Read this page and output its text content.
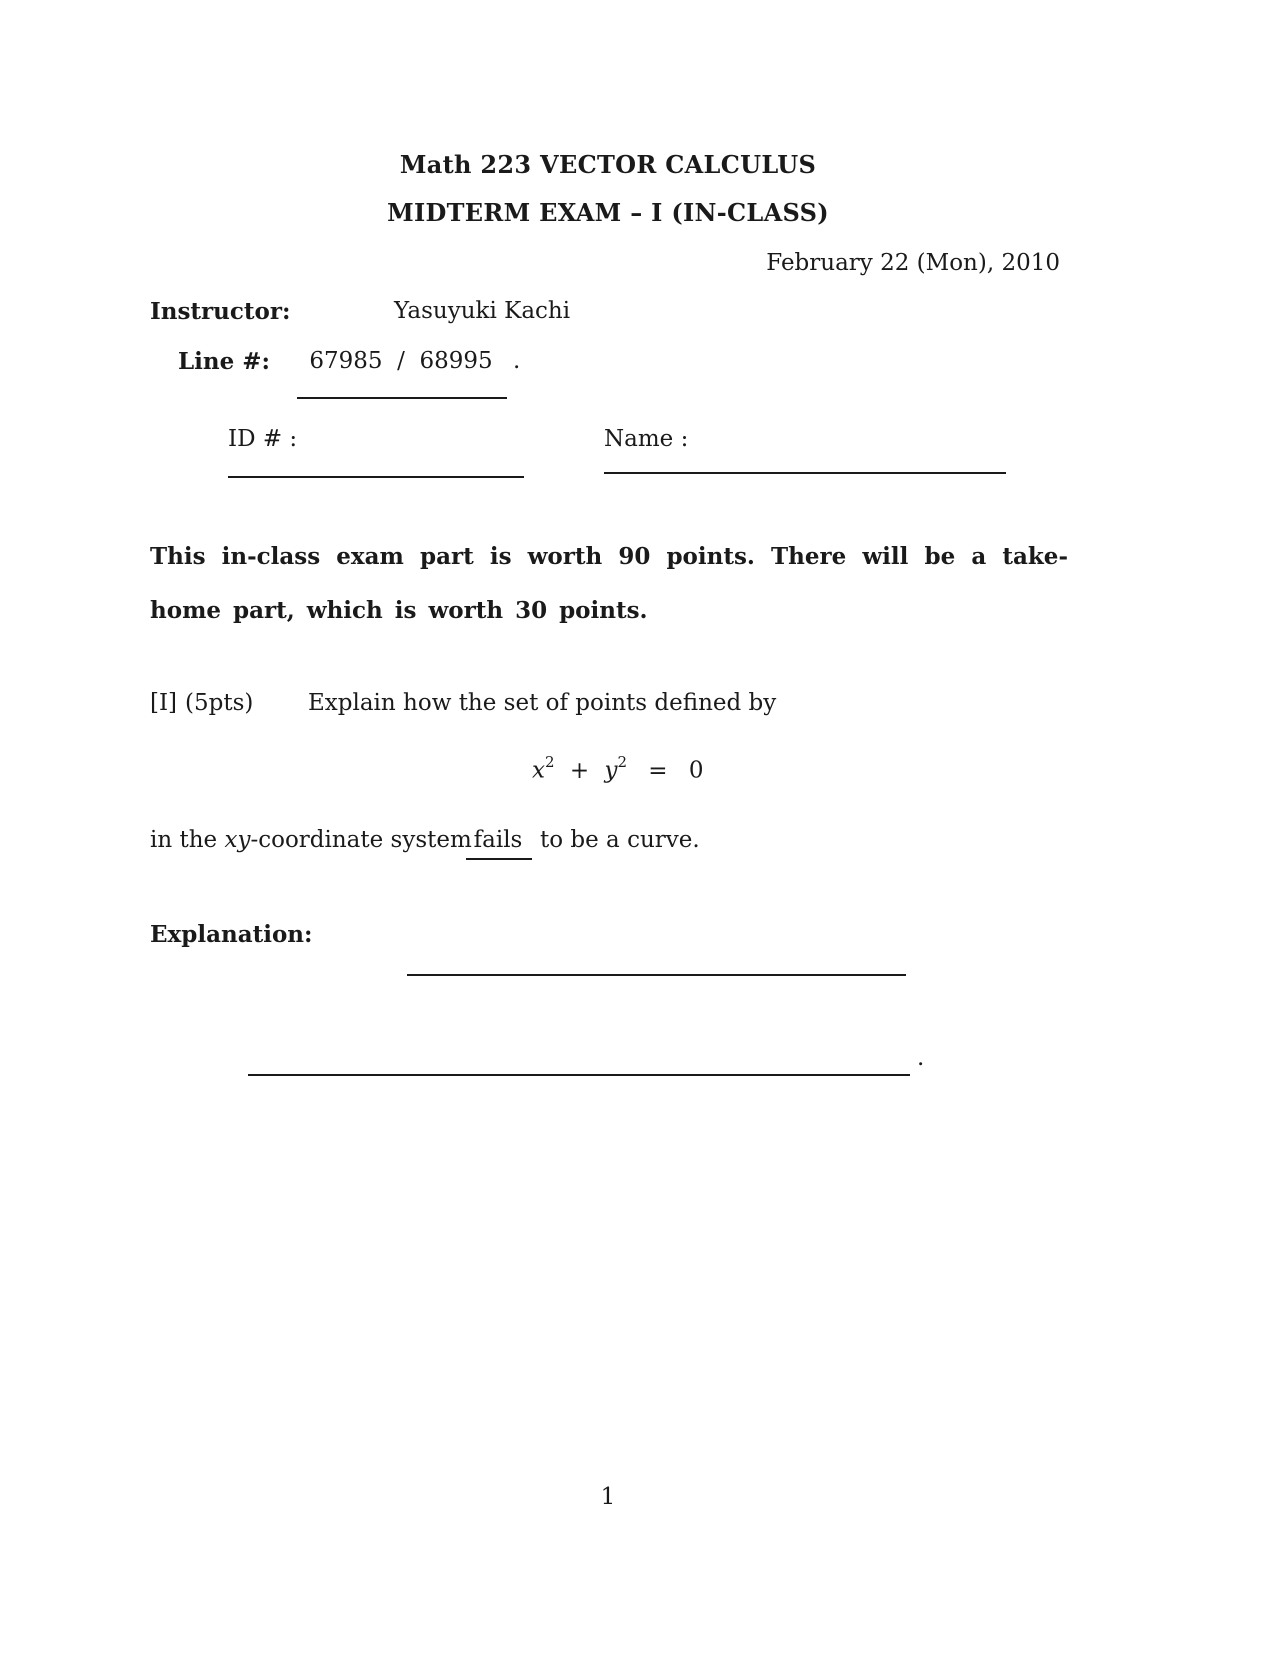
Math 223 VECTOR CALCULUS
MIDTERM EXAM – I (IN-CLASS)
February 22 (Mon), 2010
Instructor:	Yasuyuki Kachi
Line #:	67985  /  68995 .
ID # :	Name :
This in-class exam part is worth 90 points. There will be a take-home part, which is worth 30 points.
[I] (5pts) Explain how the set of points defined by
$x^2 + y^2 = 0$
in the xy-coordinate system fails to be a curve.
Explanation:
.
1
